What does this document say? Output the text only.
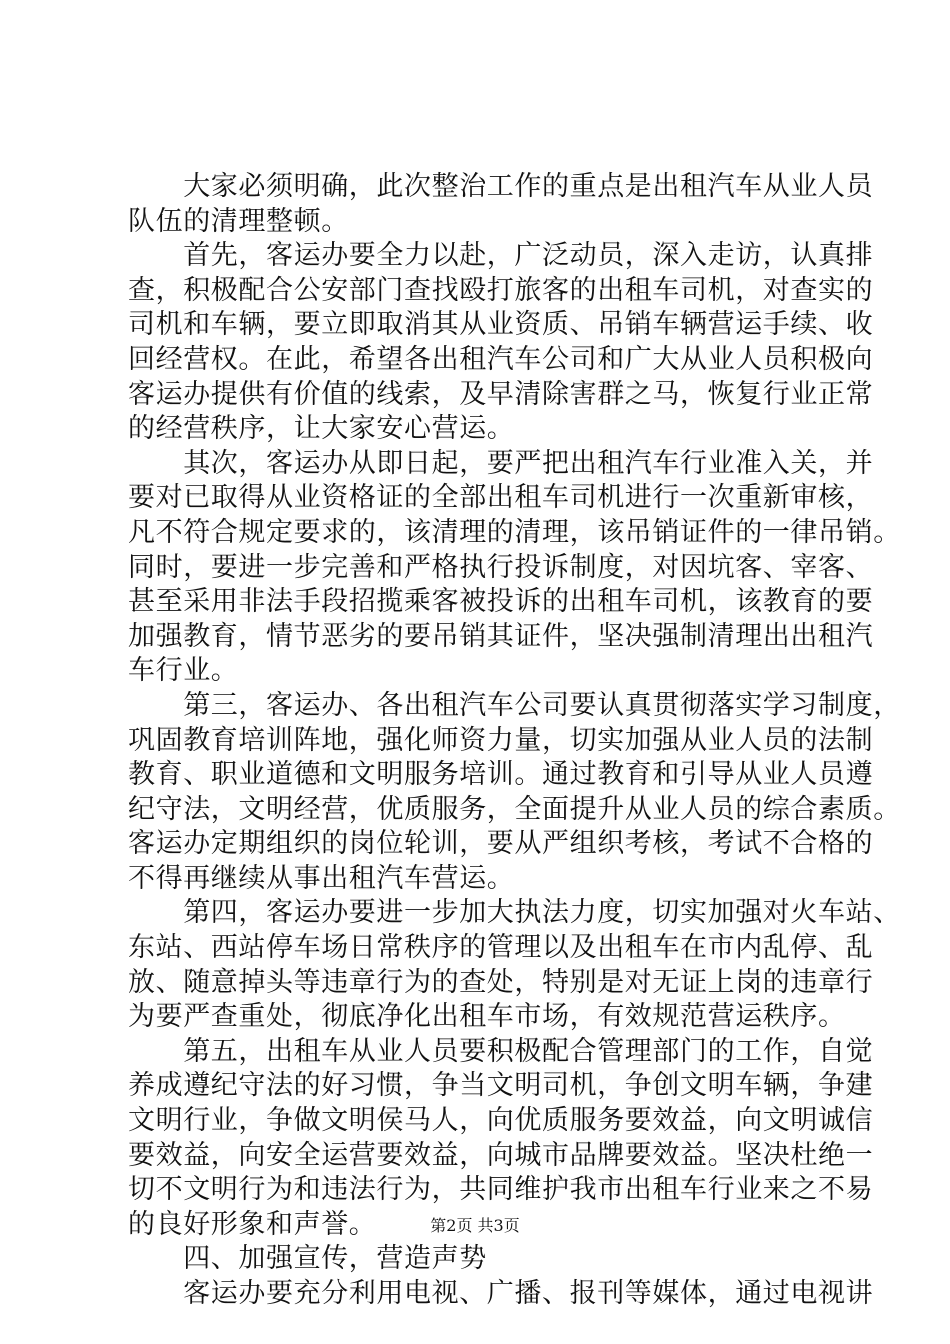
　　大家必须明确，此次整治工作的重点是出租汽车从业人员
队伍的清理整顿。
　　首先，客运办要全力以赴，广泛动员，深入走访，认真排
查，积极配合公安部门查找殴打旅客的出租车司机，对查实的
司机和车辆，要立即取消其从业资质、吊销车辆营运手续、收
回经营权。在此，希望各出租汽车公司和广大从业人员积极向
客运办提供有价值的线索，及早清除害群之马，恢复行业正常
的经营秩序，让大家安心营运。
　　其次，客运办从即日起，要严把出租汽车行业准入关，并
要对已取得从业资格证的全部出租车司机进行一次重新审核，
凡不符合规定要求的，该清理的清理，该吊销证件的一律吊销。
同时，要进一步完善和严格执行投诉制度，对因坑客、宰客、
甚至采用非法手段招揽乘客被投诉的出租车司机，该教育的要
加强教育，情节恶劣的要吊销其证件，坚决强制清理出出租汽
车行业。
　　第三，客运办、各出租汽车公司要认真贯彻落实学习制度，
巩固教育培训阵地，强化师资力量，切实加强从业人员的法制
教育、职业道德和文明服务培训。通过教育和引导从业人员遵
纪守法，文明经营，优质服务，全面提升从业人员的综合素质。
客运办定期组织的岗位轮训，要从严组织考核，考试不合格的
不得再继续从事出租汽车营运。
　　第四，客运办要进一步加大执法力度，切实加强对火车站、
东站、西站停车场日常秩序的管理以及出租车在市内乱停、乱
放、随意掉头等违章行为的查处，特别是对无证上岗的违章行
为要严查重处，彻底净化出租车市场，有效规范营运秩序。
　　第五，出租车从业人员要积极配合管理部门的工作，自觉
养成遵纪守法的好习惯，争当文明司机，争创文明车辆，争建
文明行业，争做文明侯马人，向优质服务要效益，向文明诚信
要效益，向安全运营要效益，向城市品牌要效益。坚决杜绝一
切不文明行为和违法行为，共同维护我市出租车行业来之不易
的良好形象和声誉。
　　四、加强宣传，营造声势
　　客运办要充分利用电视、广播、报刊等媒体，通过电视讲
第2页 共3页
